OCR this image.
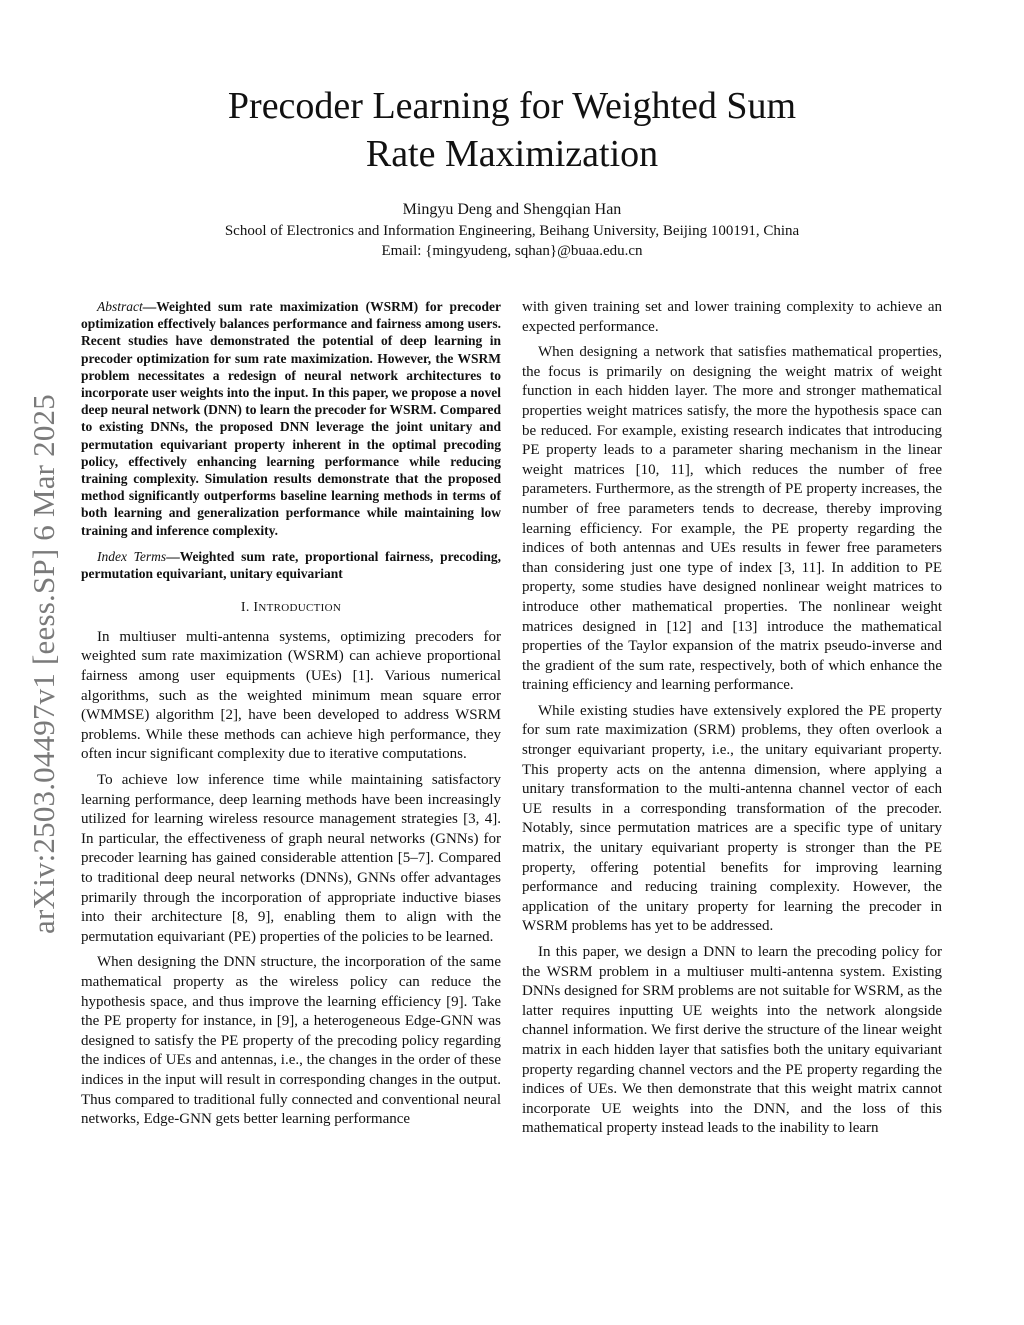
arXiv:2503.04497v1 [eess.SP] 6 Mar 2025
Precoder Learning for Weighted Sum
Rate Maximization
Mingyu Deng and Shengqian Han
School of Electronics and Information Engineering, Beihang University, Beijing 100191, China
Email: {mingyudeng, sqhan}@buaa.edu.cn

Abstract—Weighted sum rate maximization (WSRM) for precoder optimization effectively balances performance and fairness among users. Recent studies have demonstrated the potential of deep learning in precoder optimization for sum rate maximization. However, the WSRM problem necessitates a redesign of neural network architectures to incorporate user weights into the input. In this paper, we propose a novel deep neural network (DNN) to learn the precoder for WSRM. Compared to existing DNNs, the proposed DNN leverage the joint unitary and permutation equivariant property inherent in the optimal precoding policy, effectively enhancing learning performance while reducing training complexity. Simulation results demonstrate that the proposed method significantly outperforms baseline learning methods in terms of both learning and generalization performance while maintaining low training and inference complexity.

Index Terms—Weighted sum rate, proportional fairness, precoding, permutation equivariant, unitary equivariant

I. INTRODUCTION

In multiuser multi-antenna systems, optimizing precoders for weighted sum rate maximization (WSRM) can achieve proportional fairness among user equipments (UEs) [1]. Various numerical algorithms, such as the weighted minimum mean square error (WMMSE) algorithm [2], have been developed to address WSRM problems. While these methods can achieve high performance, they often incur significant complexity due to iterative computations.

To achieve low inference time while maintaining satisfactory learning performance, deep learning methods have been increasingly utilized for learning wireless resource management strategies [3, 4]. In particular, the effectiveness of graph neural networks (GNNs) for precoder learning has gained considerable attention [5–7]. Compared to traditional deep neural networks (DNNs), GNNs offer advantages primarily through the incorporation of appropriate inductive biases into their architecture [8, 9], enabling them to align with the permutation equivariant (PE) properties of the policies to be learned.

When designing the DNN structure, the incorporation of the same mathematical property as the wireless policy can reduce the hypothesis space, and thus improve the learning efficiency [9]. Take the PE property for instance, in [9], a heterogeneous Edge-GNN was designed to satisfy the PE property of the precoding policy regarding the indices of UEs and antennas, i.e., the changes in the order of these indices in the input will result in corresponding changes in the output. Thus compared to traditional fully connected and conventional neural networks, Edge-GNN gets better learning performance

with given training set and lower training complexity to achieve an expected performance.

When designing a network that satisfies mathematical properties, the focus is primarily on designing the weight matrix of weight function in each hidden layer. The more and stronger mathematical properties weight matrices satisfy, the more the hypothesis space can be reduced. For example, existing research indicates that introducing PE property leads to a parameter sharing mechanism in the linear weight matrices [10, 11], which reduces the number of free parameters. Furthermore, as the strength of PE property increases, the number of free parameters tends to decrease, thereby improving learning efficiency. For example, the PE property regarding the indices of both antennas and UEs results in fewer free parameters than considering just one type of index [3, 11]. In addition to PE property, some studies have designed nonlinear weight matrices to introduce other mathematical properties. The nonlinear weight matrices designed in [12] and [13] introduce the mathematical properties of the Taylor expansion of the matrix pseudo-inverse and the gradient of the sum rate, respectively, both of which enhance the training efficiency and learning performance.

While existing studies have extensively explored the PE property for sum rate maximization (SRM) problems, they often overlook a stronger equivariant property, i.e., the unitary equivariant property. This property acts on the antenna dimension, where applying a unitary transformation to the multi-antenna channel vector of each UE results in a corresponding transformation of the precoder. Notably, since permutation matrices are a specific type of unitary matrix, the unitary equivariant property is stronger than the PE property, offering potential benefits for improving learning performance and reducing training complexity. However, the application of the unitary property for learning the precoder in WSRM problems has yet to be addressed.

In this paper, we design a DNN to learn the precoding policy for the WSRM problem in a multiuser multi-antenna system. Existing DNNs designed for SRM problems are not suitable for WSRM, as the latter requires inputting UE weights into the network alongside channel information. We first derive the structure of the linear weight matrix in each hidden layer that satisfies both the unitary equivariant property regarding channel vectors and the PE property regarding the indices of UEs. We then demonstrate that this weight matrix cannot incorporate UE weights into the DNN, and the loss of this mathematical property instead leads to the inability to learn
